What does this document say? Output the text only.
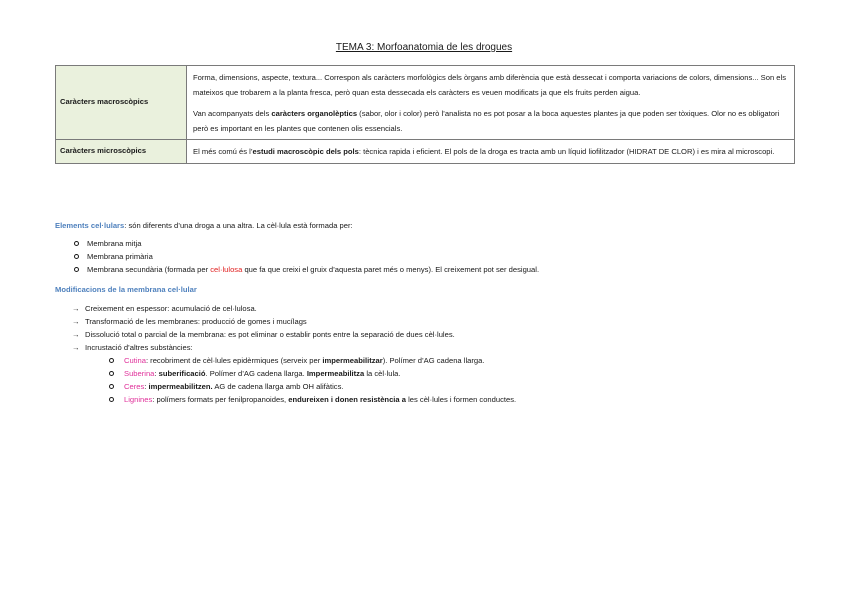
TEMA 3: Morfoanatomia de les drogues
Caràcters macroscòpics	Forma, dimensions, aspecte, textura... Correspon als caràcters morfològics dels òrgans amb diferència que està dessecat i comporta variacions de colors, dimensions... Son els mateixos que trobarem a la planta fresca, però quan esta dessecada els caràcters es veuen modificats ja que els fruits perden aigua.

Van acompanyats dels caràcters organolèptics (sabor, olor i color) però l’analista no es pot posar a la boca aquestes plantes ja que poden ser tòxiques. Olor no es obligatori però es important en les plantes que contenen olis essencials.

Caràcters microscòpics	El més comú és l’estudi macroscòpic dels pols: tècnica rapida i eficient. El pols de la droga es tracta amb un líquid liofilitzador (HIDRAT DE CLOR) i es mira al microscopi.

Elements cel·lulars: són diferents d’una droga a una altra. La cèl·lula està formada per:
Membrana mitja
Membrana primària
Membrana secundària (formada per cel·lulosa que fa que creixi el gruix d’aquesta paret més o menys). El creixement pot ser desigual.
Modificacions de la membrana cel·lular
→ Creixement en espessor: acumulació de cel·lulosa.
→ Transformació de les membranes: producció de gomes i mucílags
→ Dissolució total o parcial de la membrana: es pot eliminar o establir ponts entre la separació de dues cèl·lules.
→ Incrustació d’altres substàncies:
Cutina: recobriment de cèl·lules epidèrmiques (serveix per impermeabilitzar). Polímer d’AG cadena llarga.
Suberina: suberificació. Polímer d’AG cadena llarga. Impermeabilitza la cèl·lula.
Ceres: impermeabilitzen. AG de cadena llarga amb OH alifàtics.
Lignines: polímers formats per fenilpropanoides, endureixen i donen resistència a les cèl·lules i formen conductes.
